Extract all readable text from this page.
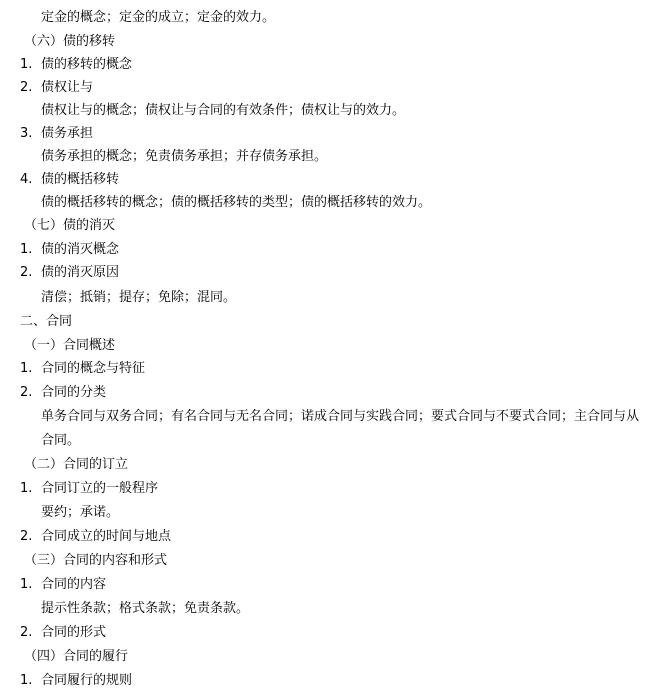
定金的概念；定金的成立；定金的效力。
（六）债的移转
1. 债的移转的概念
2. 债权让与
债权让与的概念；债权让与合同的有效条件；债权让与的效力。
3. 债务承担
债务承担的概念；免责债务承担；并存债务承担。
4. 债的概括移转
债的概括移转的概念；债的概括移转的类型；债的概括移转的效力。
（七）债的消灭
1. 债的消灭概念
2. 债的消灭原因
清偿；抵销；提存；免除；混同。
二、合同
（一）合同概述
1. 合同的概念与特征
2. 合同的分类
单务合同与双务合同；有名合同与无名合同；诺成合同与实践合同；要式合同与不要式合同；主合同与从合同。
（二）合同的订立
1. 合同订立的一般程序
要约；承诺。
2. 合同成立的时间与地点
（三）合同的内容和形式
1. 合同的内容
提示性条款；格式条款；免责条款。
2. 合同的形式
（四）合同的履行
1. 合同履行的规则
